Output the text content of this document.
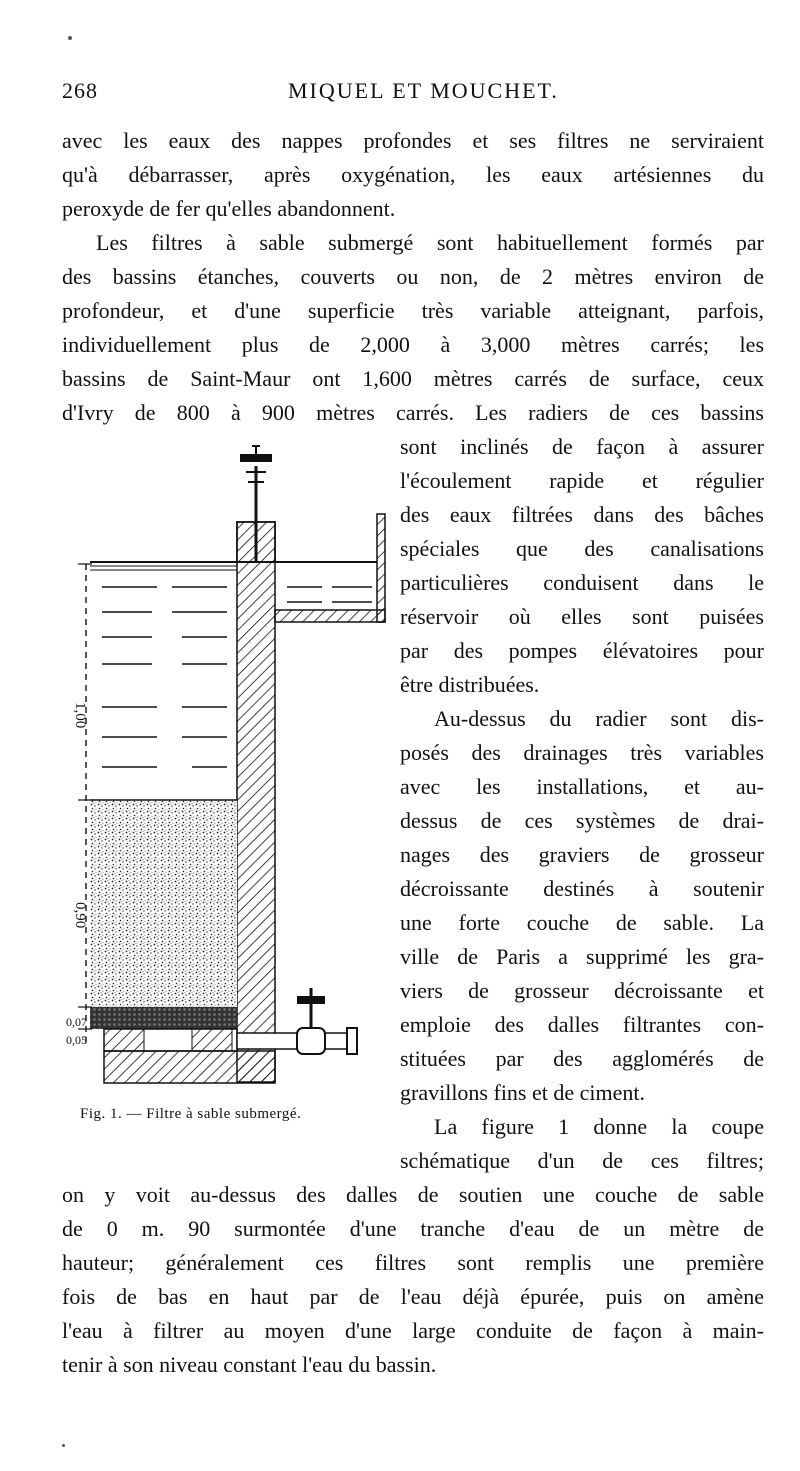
268	MIQUEL ET MOUCHET.
avec les eaux des nappes profondes et ses filtres ne serviraient
qu'à débarrasser, après oxygénation, les eaux artésiennes du
peroxyde de fer qu'elles abandonnent.
Les filtres à sable submergé sont habituellement formés par
des bassins étanches, couverts ou non, de 2 mètres environ de
profondeur, et d'une superficie très variable atteignant, parfois,
individuellement plus de 2,000 à 3,000 mètres carrés; les
bassins de Saint-Maur ont 1,600 mètres carrés de surface, ceux
d'Ivry de 800 à 900 mètres carrés. Les radiers de ces bassins
sont inclinés de façon à assurer
l'écoulement rapide et régulier
des eaux filtrées dans des bâches
spéciales que des canalisations
particulières conduisent dans le
réservoir où elles sont puisées
par des pompes élévatoires pour
être distribuées.
Au-dessus du radier sont dis-
posés des drainages très variables
avec les installations, et au-
dessus de ces systèmes de drai-
nages des graviers de grosseur
décroissante destinés à soutenir
une forte couche de sable. La
ville de Paris a supprimé les gra-
viers de grosseur décroissante et
emploie des dalles filtrantes con-
stituées par des agglomérés de
gravillons fins et de ciment.
La figure 1 donne la coupe
schématique d'un de ces filtres;
on y voit au-dessus des dalles de soutien une couche de sable
de 0 m. 90 surmontée d'une tranche d'eau de un mètre de
hauteur; généralement ces filtres sont remplis une première
fois de bas en haut par de l'eau déjà épurée, puis on amène
l'eau à filtrer au moyen d'une large conduite de façon à main-
tenir à son niveau constant l'eau du bassin.
1,00
0,90
0,07
0,05
Fig. 1. — Filtre à sable submergé.
